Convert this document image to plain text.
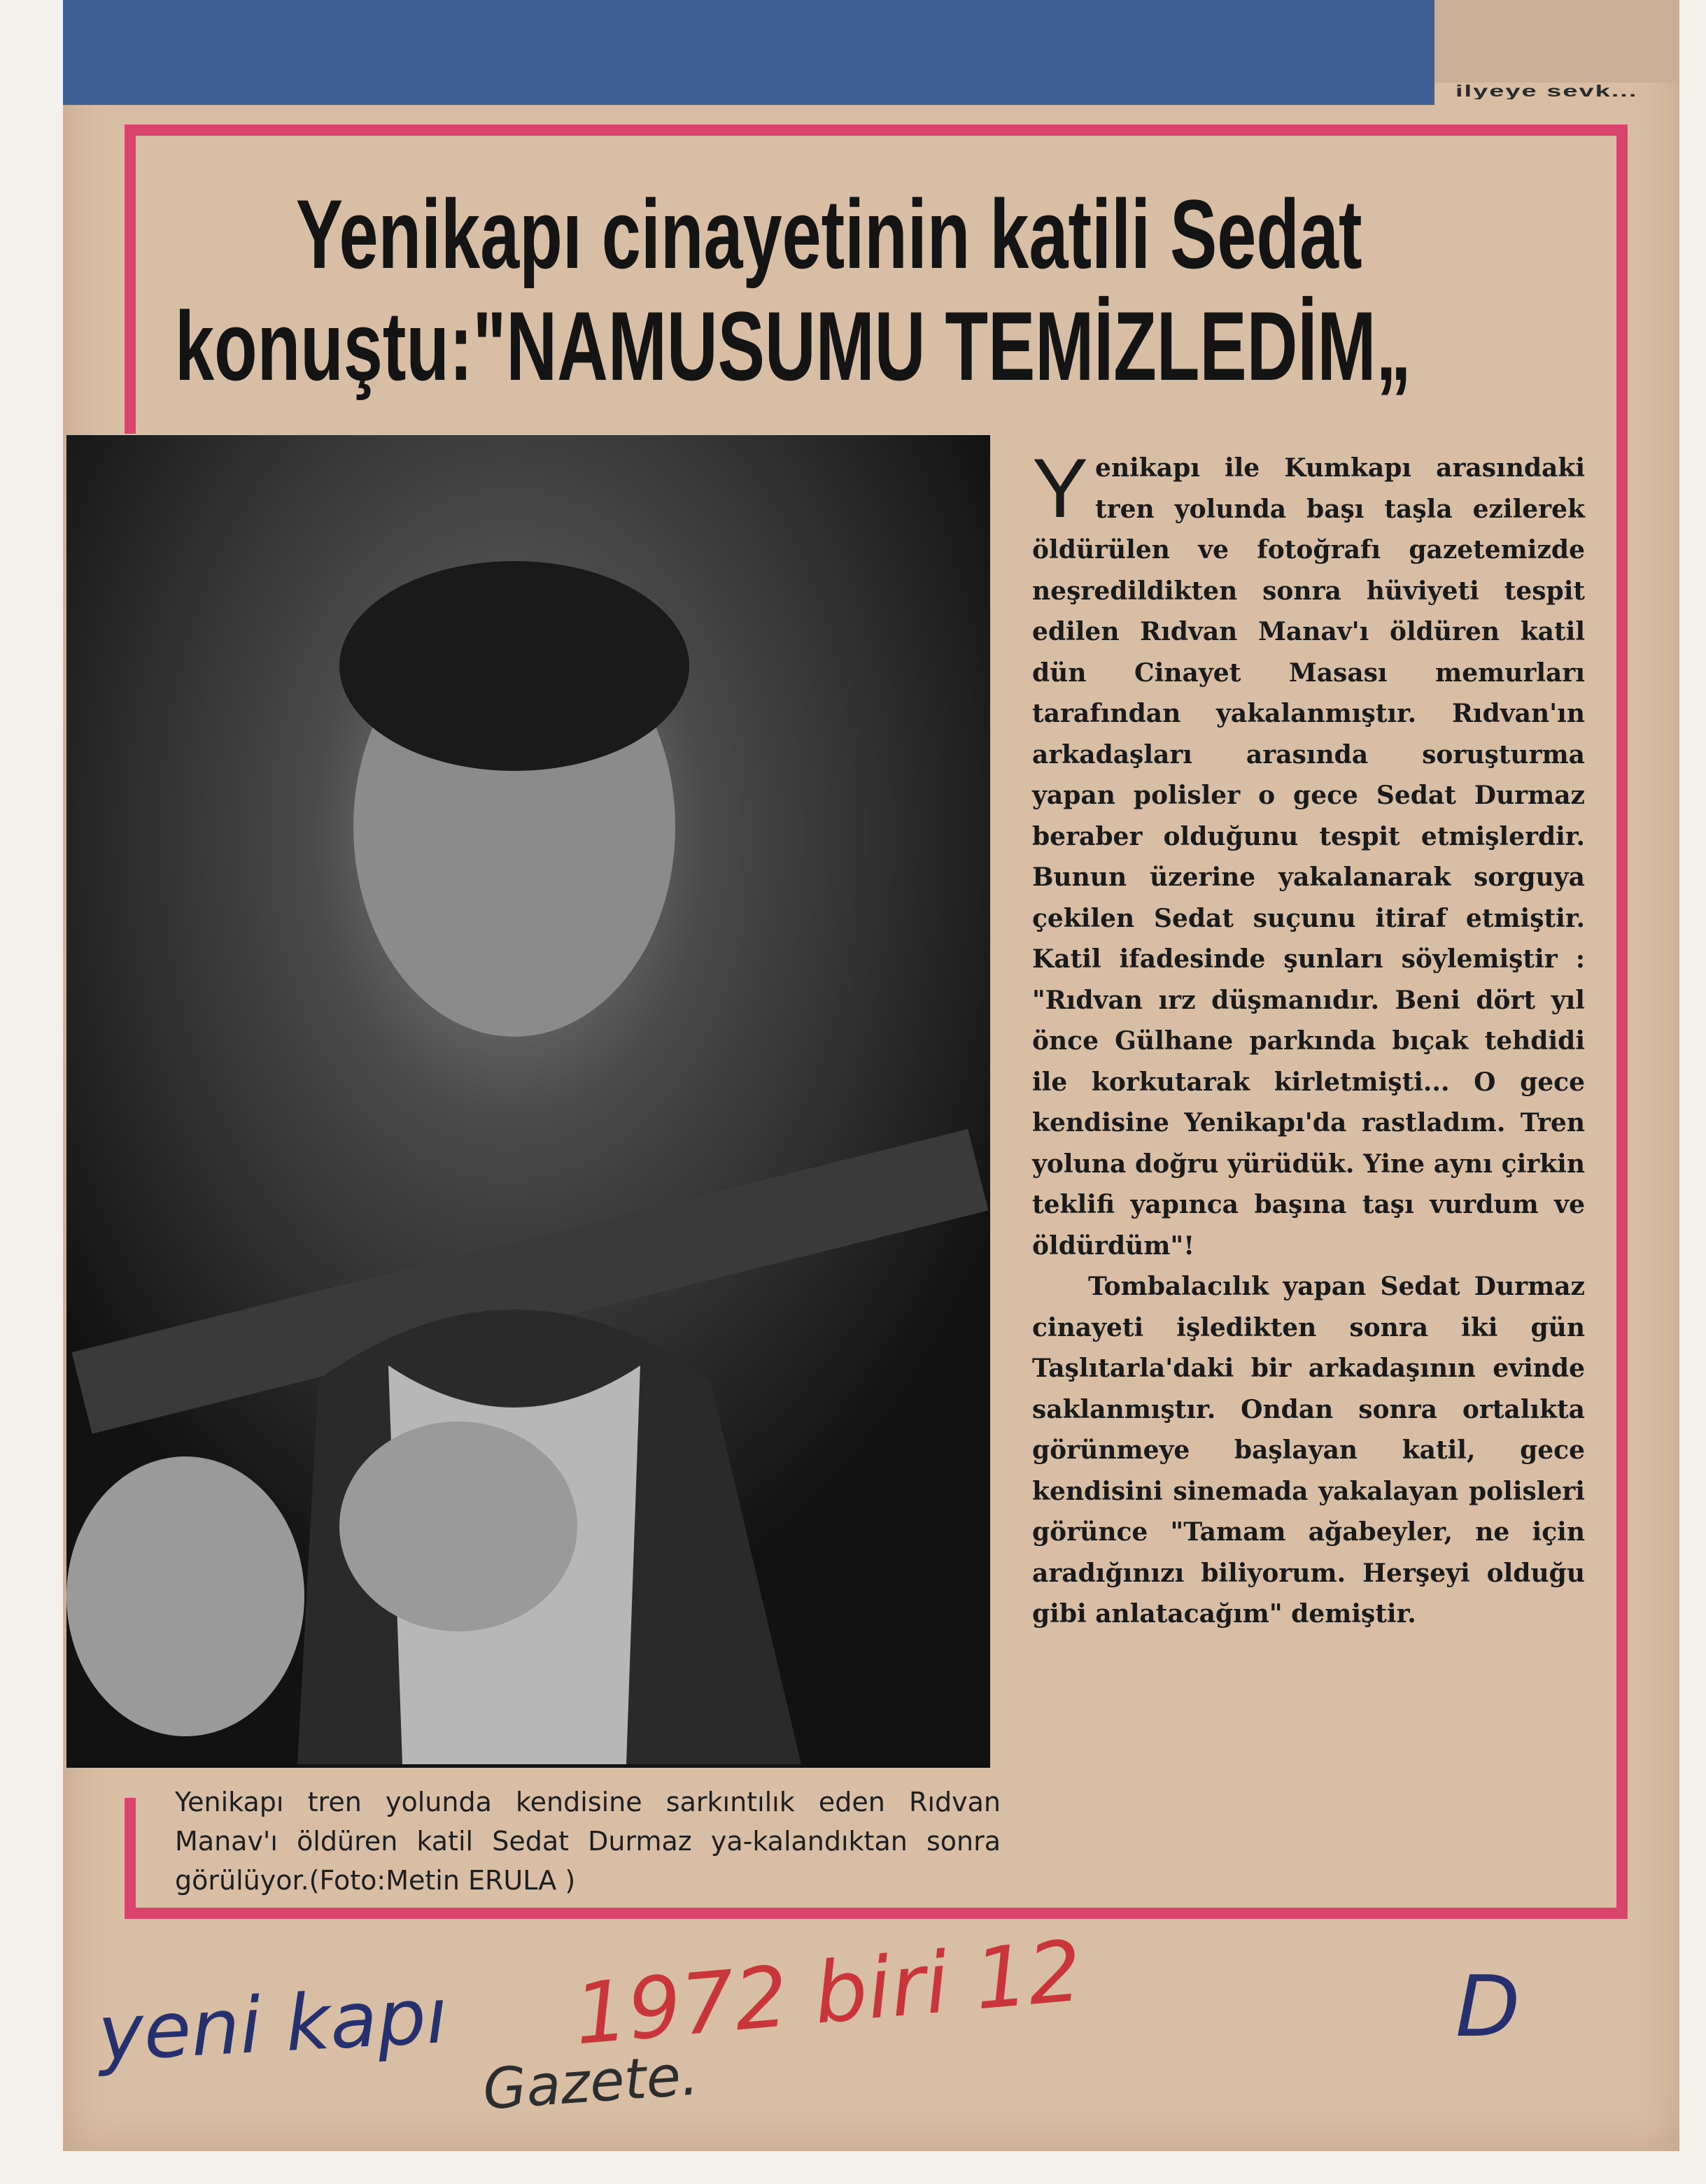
ilyeye sevk...
Yenikapı cinayetinin katili Sedat
konuştu:"NAMUSUMU TEMİZLEDİM„
Yenikapı tren yolunda kendisine sarkıntılık eden Rıdvan Manav'ı öldüren katil Sedat Durmaz ya-kalandıktan sonra görülüyor.(Foto:Metin ERULA )

Yenikapı ile Kumkapı arasındaki tren yolunda başı taşla ezilerek öldürülen ve fotoğrafı gazetemizde neşredildikten sonra hüviyeti tespit edilen Rıdvan Manav'ı öldüren katil dün Cinayet Masası memurları tarafından yakalanmıştır. Rıdvan'ın arkadaşları arasında soruşturma yapan polisler o gece Sedat Durmaz beraber olduğunu tespit etmişlerdir. Bunun üzerine yakalanarak sorguya çekilen Sedat suçunu itiraf etmiştir. Katil ifadesinde şunları söylemiştir : "Rıdvan ırz düşmanıdır. Beni dört yıl önce Gülhane parkında bıçak tehdidi ile korkutarak kirletmişti... O gece kendisine Yenikapı'da rastladım. Tren yoluna doğru yürüdük. Yine aynı çirkin teklifi yapınca başına taşı vurdum ve öldürdüm"!

Tombalacılık yapan Sedat Durmaz cinayeti işledikten sonra iki gün Taşlıtarla'daki bir arkadaşının evinde saklanmıştır. Ondan sonra ortalıkta görünmeye başlayan katil, gece kendisini sinemada yakalayan polisleri görünce "Tamam ağabeyler, ne için aradığınızı biliyorum. Herşeyi olduğu gibi anlatacağım" demiştir.

yeni kapı
Gazete.
1972 biri 12	D
